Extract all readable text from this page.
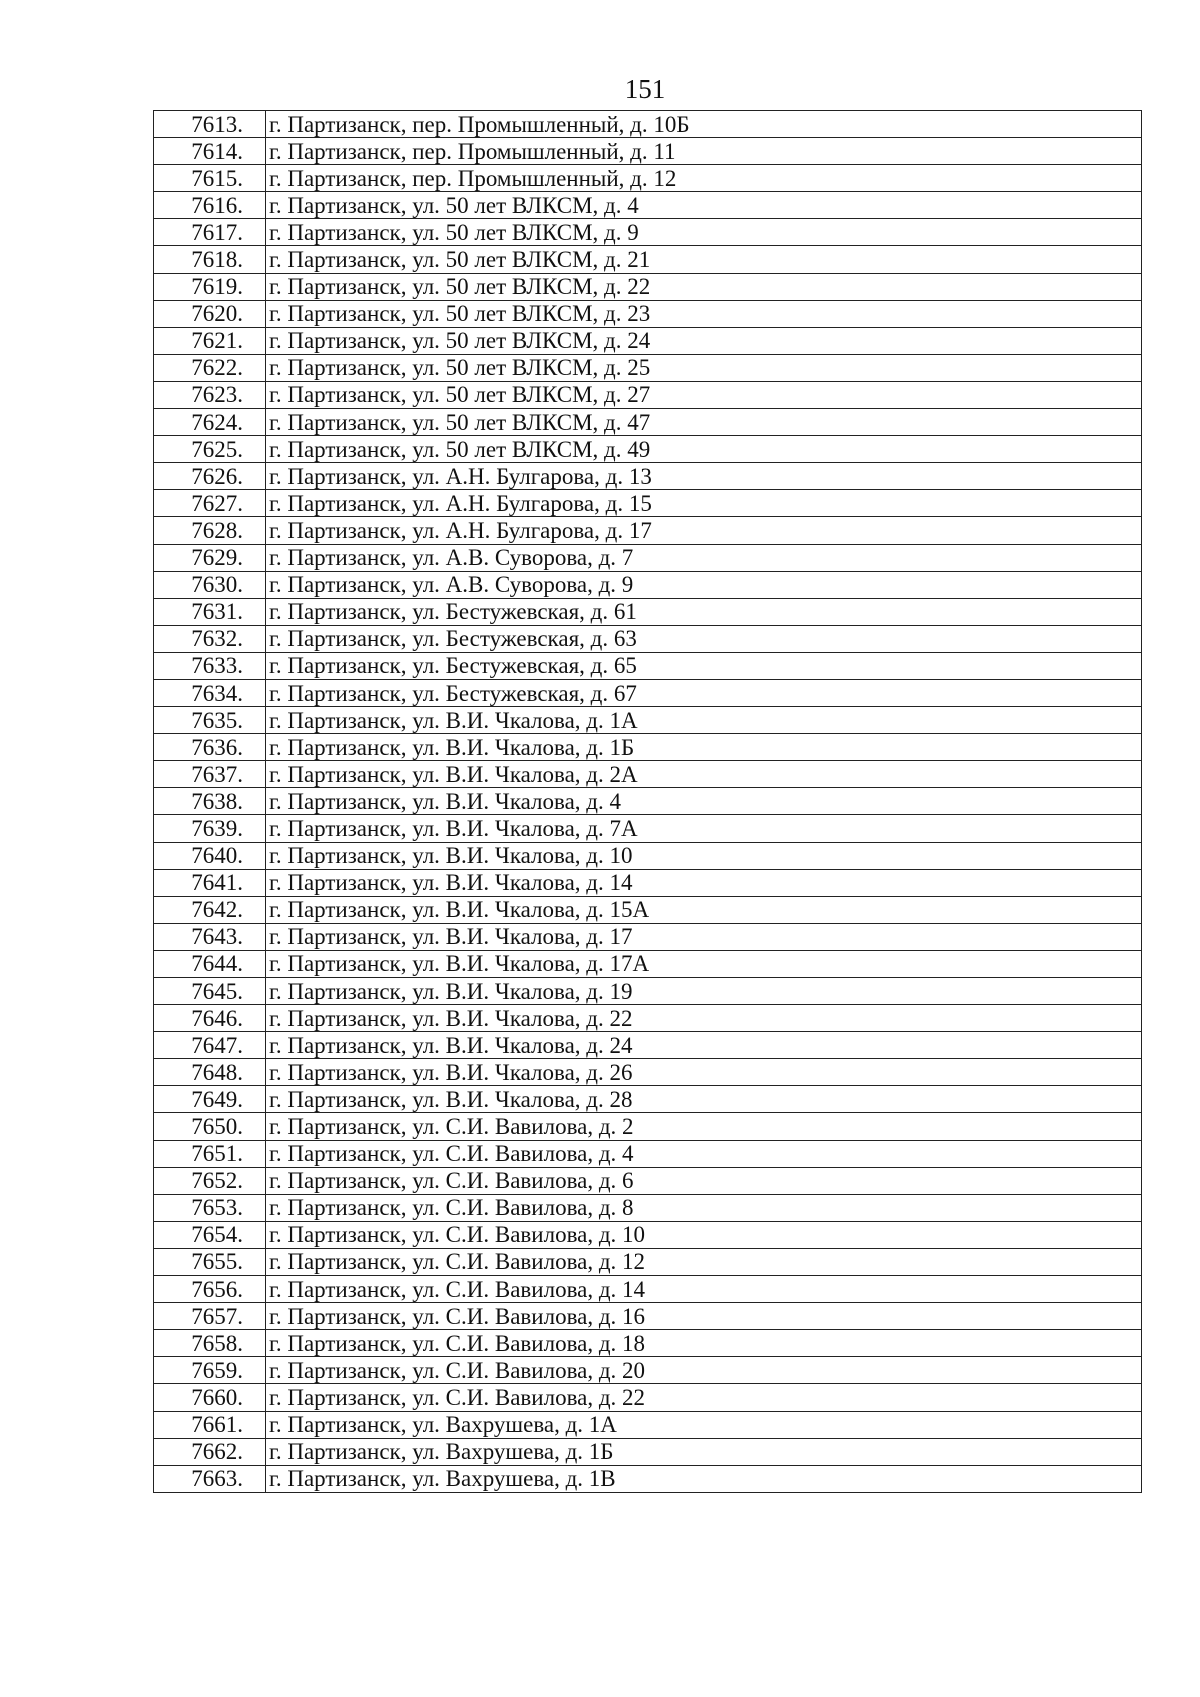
151
7613.	г. Партизанск, пер. Промышленный, д. 10Б
7614.	г. Партизанск, пер. Промышленный, д. 11
7615.	г. Партизанск, пер. Промышленный, д. 12
7616.	г. Партизанск, ул. 50 лет ВЛКСМ, д. 4
7617.	г. Партизанск, ул. 50 лет ВЛКСМ, д. 9
7618.	г. Партизанск, ул. 50 лет ВЛКСМ, д. 21
7619.	г. Партизанск, ул. 50 лет ВЛКСМ, д. 22
7620.	г. Партизанск, ул. 50 лет ВЛКСМ, д. 23
7621.	г. Партизанск, ул. 50 лет ВЛКСМ, д. 24
7622.	г. Партизанск, ул. 50 лет ВЛКСМ, д. 25
7623.	г. Партизанск, ул. 50 лет ВЛКСМ, д. 27
7624.	г. Партизанск, ул. 50 лет ВЛКСМ, д. 47
7625.	г. Партизанск, ул. 50 лет ВЛКСМ, д. 49
7626.	г. Партизанск, ул. А.Н. Булгарова, д. 13
7627.	г. Партизанск, ул. А.Н. Булгарова, д. 15
7628.	г. Партизанск, ул. А.Н. Булгарова, д. 17
7629.	г. Партизанск, ул. А.В. Суворова, д. 7
7630.	г. Партизанск, ул. А.В. Суворова, д. 9
7631.	г. Партизанск, ул. Бестужевская, д. 61
7632.	г. Партизанск, ул. Бестужевская, д. 63
7633.	г. Партизанск, ул. Бестужевская, д. 65
7634.	г. Партизанск, ул. Бестужевская, д. 67
7635.	г. Партизанск, ул. В.И. Чкалова, д. 1А
7636.	г. Партизанск, ул. В.И. Чкалова, д. 1Б
7637.	г. Партизанск, ул. В.И. Чкалова, д. 2А
7638.	г. Партизанск, ул. В.И. Чкалова, д. 4
7639.	г. Партизанск, ул. В.И. Чкалова, д. 7А
7640.	г. Партизанск, ул. В.И. Чкалова, д. 10
7641.	г. Партизанск, ул. В.И. Чкалова, д. 14
7642.	г. Партизанск, ул. В.И. Чкалова, д. 15А
7643.	г. Партизанск, ул. В.И. Чкалова, д. 17
7644.	г. Партизанск, ул. В.И. Чкалова, д. 17А
7645.	г. Партизанск, ул. В.И. Чкалова, д. 19
7646.	г. Партизанск, ул. В.И. Чкалова, д. 22
7647.	г. Партизанск, ул. В.И. Чкалова, д. 24
7648.	г. Партизанск, ул. В.И. Чкалова, д. 26
7649.	г. Партизанск, ул. В.И. Чкалова, д. 28
7650.	г. Партизанск, ул. С.И. Вавилова, д. 2
7651.	г. Партизанск, ул. С.И. Вавилова, д. 4
7652.	г. Партизанск, ул. С.И. Вавилова, д. 6
7653.	г. Партизанск, ул. С.И. Вавилова, д. 8
7654.	г. Партизанск, ул. С.И. Вавилова, д. 10
7655.	г. Партизанск, ул. С.И. Вавилова, д. 12
7656.	г. Партизанск, ул. С.И. Вавилова, д. 14
7657.	г. Партизанск, ул. С.И. Вавилова, д. 16
7658.	г. Партизанск, ул. С.И. Вавилова, д. 18
7659.	г. Партизанск, ул. С.И. Вавилова, д. 20
7660.	г. Партизанск, ул. С.И. Вавилова, д. 22
7661.	г. Партизанск, ул. Вахрушева, д. 1А
7662.	г. Партизанск, ул. Вахрушева, д. 1Б
7663.	г. Партизанск, ул. Вахрушева, д. 1В
